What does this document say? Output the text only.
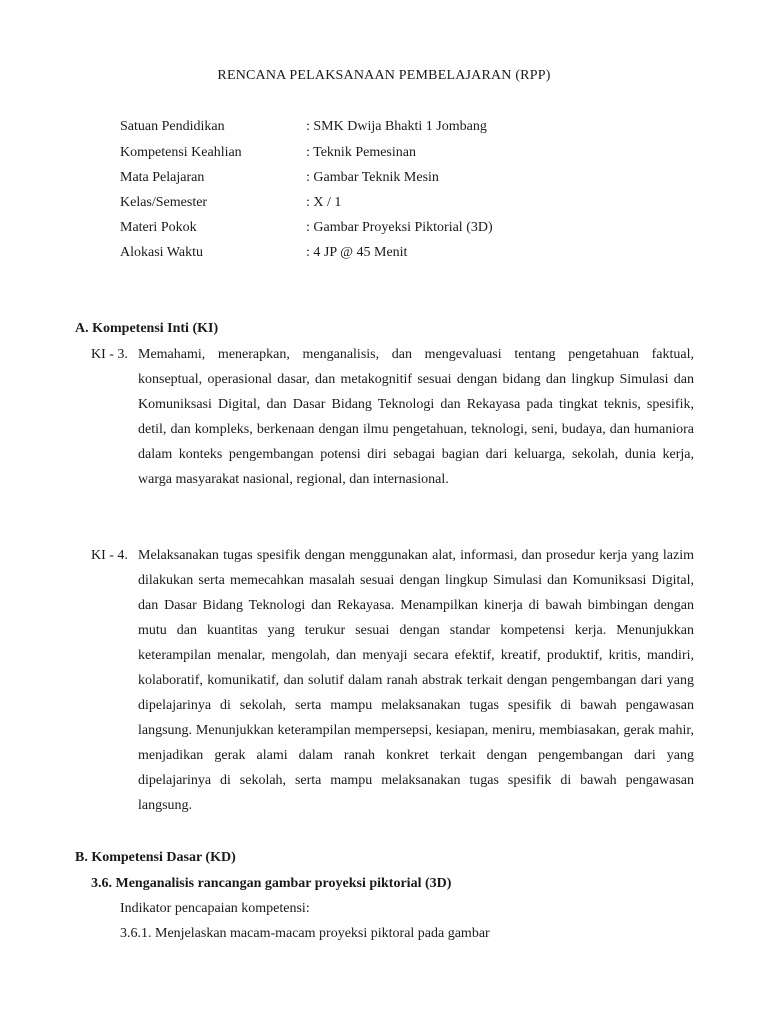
RENCANA PELAKSANAAN PEMBELAJARAN (RPP)
Satuan Pendidikan	: SMK Dwija Bhakti 1 Jombang
Kompetensi Keahlian	: Teknik Pemesinan
Mata Pelajaran	: Gambar Teknik Mesin
Kelas/Semester	: X / 1
Materi Pokok	: Gambar Proyeksi Piktorial (3D)
Alokasi Waktu	: 4 JP @ 45 Menit
A. Kompetensi Inti (KI)
KI - 3. Memahami, menerapkan, menganalisis, dan mengevaluasi tentang pengetahuan faktual, konseptual, operasional dasar, dan metakognitif sesuai dengan bidang dan lingkup Simulasi dan Komuniksasi Digital, dan Dasar Bidang Teknologi dan Rekayasa pada tingkat teknis, spesifik, detil, dan kompleks, berkenaan dengan ilmu pengetahuan, teknologi, seni, budaya, dan humaniora dalam konteks pengembangan potensi diri sebagai bagian dari keluarga, sekolah, dunia kerja, warga masyarakat nasional, regional, dan internasional.
KI - 4. Melaksanakan tugas spesifik dengan menggunakan alat, informasi, dan prosedur kerja yang lazim dilakukan serta memecahkan masalah sesuai dengan lingkup Simulasi dan Komuniksasi Digital, dan Dasar Bidang Teknologi dan Rekayasa. Menampilkan kinerja di bawah bimbingan dengan mutu dan kuantitas yang terukur sesuai dengan standar kompetensi kerja. Menunjukkan keterampilan menalar, mengolah, dan menyaji secara efektif, kreatif, produktif, kritis, mandiri, kolaboratif, komunikatif, dan solutif dalam ranah abstrak terkait dengan pengembangan dari yang dipelajarinya di sekolah, serta mampu melaksanakan tugas spesifik di bawah pengawasan langsung. Menunjukkan keterampilan mempersepsi, kesiapan, meniru, membiasakan, gerak mahir, menjadikan gerak alami dalam ranah konkret terkait dengan pengembangan dari yang dipelajarinya di sekolah, serta mampu melaksanakan tugas spesifik di bawah pengawasan langsung.
B. Kompetensi Dasar (KD)
3.6. Menganalisis rancangan gambar proyeksi piktorial (3D)
Indikator pencapaian kompetensi:
3.6.1. Menjelaskan macam-macam proyeksi piktoral pada gambar
